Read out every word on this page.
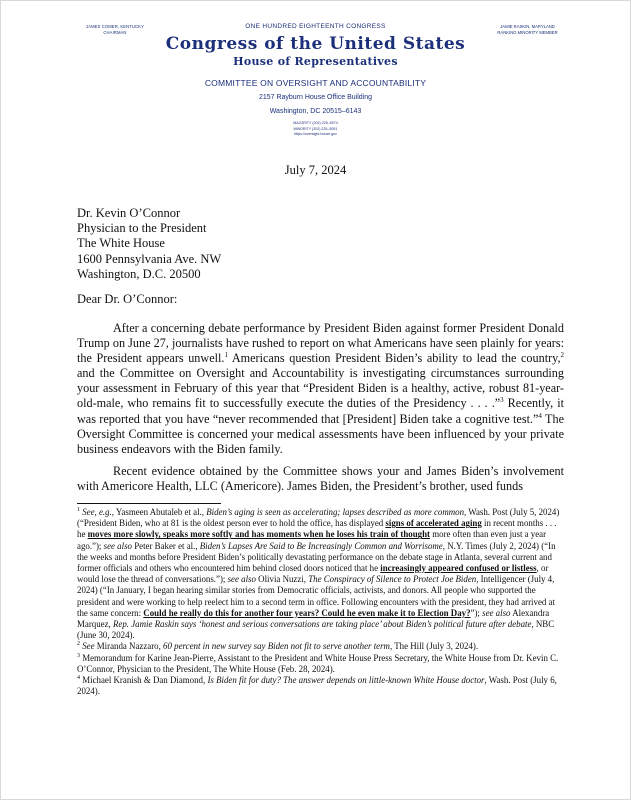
JAMES COMER, KENTUCKY
CHAIRMAN
JAMIE RASKIN, MARYLAND
RANKING MINORITY MEMBER
ONE HUNDRED EIGHTEENTH CONGRESS
Congress of the United States
House of Representatives
COMMITTEE ON OVERSIGHT AND ACCOUNTABILITY
2157 Rayburn House Office Building
Washington, DC 20515–6143
MAJORITY (202) 225–5074
MINORITY (202) 225–5051
https://oversight.house.gov
July 7, 2024
Dr. Kevin O’Connor
Physician to the President
The White House
1600 Pennsylvania Ave. NW
Washington, D.C. 20500
Dear Dr. O’Connor:
After a concerning debate performance by President Biden against former President Donald Trump on June 27, journalists have rushed to report on what Americans have seen plainly for years: the President appears unwell.$^1$ Americans question President Biden’s ability to lead the country,$^2$ and the Committee on Oversight and Accountability is investigating circumstances surrounding your assessment in February of this year that “President Biden is a healthy, active, robust 81-year-old-male, who remains fit to successfully execute the duties of the Presidency . . . .”$^3$ Recently, it was reported that you have “never recommended that [President] Biden take a cognitive test.”$^4$ The Oversight Committee is concerned your medical assessments have been influenced by your private business endeavors with the Biden family.
Recent evidence obtained by the Committee shows your and James Biden’s involvement with Americore Health, LLC (Americore). James Biden, the President’s brother, used funds

$^1$ See, e.g., Yasmeen Abutaleb et al., Biden’s aging is seen as accelerating; lapses described as more common, Wash. Post (July 5, 2024) (“President Biden, who at 81 is the oldest person ever to hold the office, has displayed signs of accelerated aging in recent months . . . he moves more slowly, speaks more softly and has moments when he loses his train of thought more often than even just a year ago.”); see also Peter Baker et al., Biden’s Lapses Are Said to Be Increasingly Common and Worrisome, N.Y. Times (July 2, 2024) (“In the weeks and months before President Biden’s politically devastating performance on the debate stage in Atlanta, several current and former officials and others who encountered him behind closed doors noticed that he increasingly appeared confused or listless, or would lose the thread of conversations.”); see also Olivia Nuzzi, The Conspiracy of Silence to Protect Joe Biden, Intelligencer (July 4, 2024) (“In January, I began hearing similar stories from Democratic officials, activists, and donors. All people who supported the president and were working to help reelect him to a second term in office. Following encounters with the president, they had arrived at the same concern: Could he really do this for another four years? Could he even make it to Election Day?”); see also Alexandra Marquez, Rep. Jamie Raskin says ‘honest and serious conversations are taking place’ about Biden’s political future after debate, NBC (June 30, 2024).

$^2$ See Miranda Nazzaro, 60 percent in new survey say Biden not fit to serve another term, The Hill (July 3, 2024).

$^3$ Memorandum for Karine Jean-Pierre, Assistant to the President and White House Press Secretary, the White House from Dr. Kevin C. O’Connor, Physician to the President, The White House (Feb. 28, 2024).

$^4$ Michael Kranish & Dan Diamond, Is Biden fit for duty? The answer depends on little-known White House doctor, Wash. Post (July 6, 2024).
